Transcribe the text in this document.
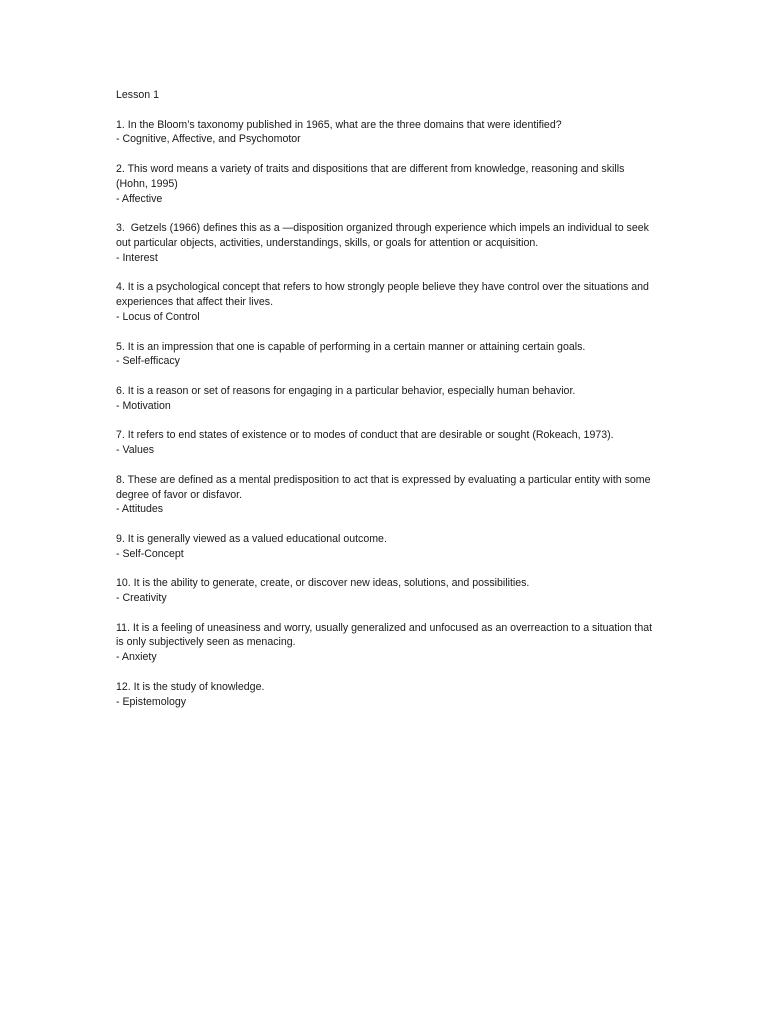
Lesson 1
1. In the Bloom’s taxonomy published in 1965, what are the three domains that were identified?
- Cognitive, Affective, and Psychomotor
2. This word means a variety of traits and dispositions that are different from knowledge, reasoning and skills (Hohn, 1995)
- Affective
3.  Getzels (1966) defines this as a —disposition organized through experience which impels an individual to seek out particular objects, activities, understandings, skills, or goals for attention or acquisition.
- Interest
4. It is a psychological concept that refers to how strongly people believe they have control over the situations and experiences that affect their lives.
- Locus of Control
5. It is an impression that one is capable of performing in a certain manner or attaining certain goals.
- Self-efficacy
6. It is a reason or set of reasons for engaging in a particular behavior, especially human behavior.
- Motivation
7. It refers to end states of existence or to modes of conduct that are desirable or sought (Rokeach, 1973).
- Values
8. These are defined as a mental predisposition to act that is expressed by evaluating a particular entity with some degree of favor or disfavor.
- Attitudes
9. It is generally viewed as a valued educational outcome.
- Self-Concept
10. It is the ability to generate, create, or discover new ideas, solutions, and possibilities.
- Creativity
11. It is a feeling of uneasiness and worry, usually generalized and unfocused as an overreaction to a situation that is only subjectively seen as menacing.
- Anxiety
12. It is the study of knowledge.
- Epistemology
